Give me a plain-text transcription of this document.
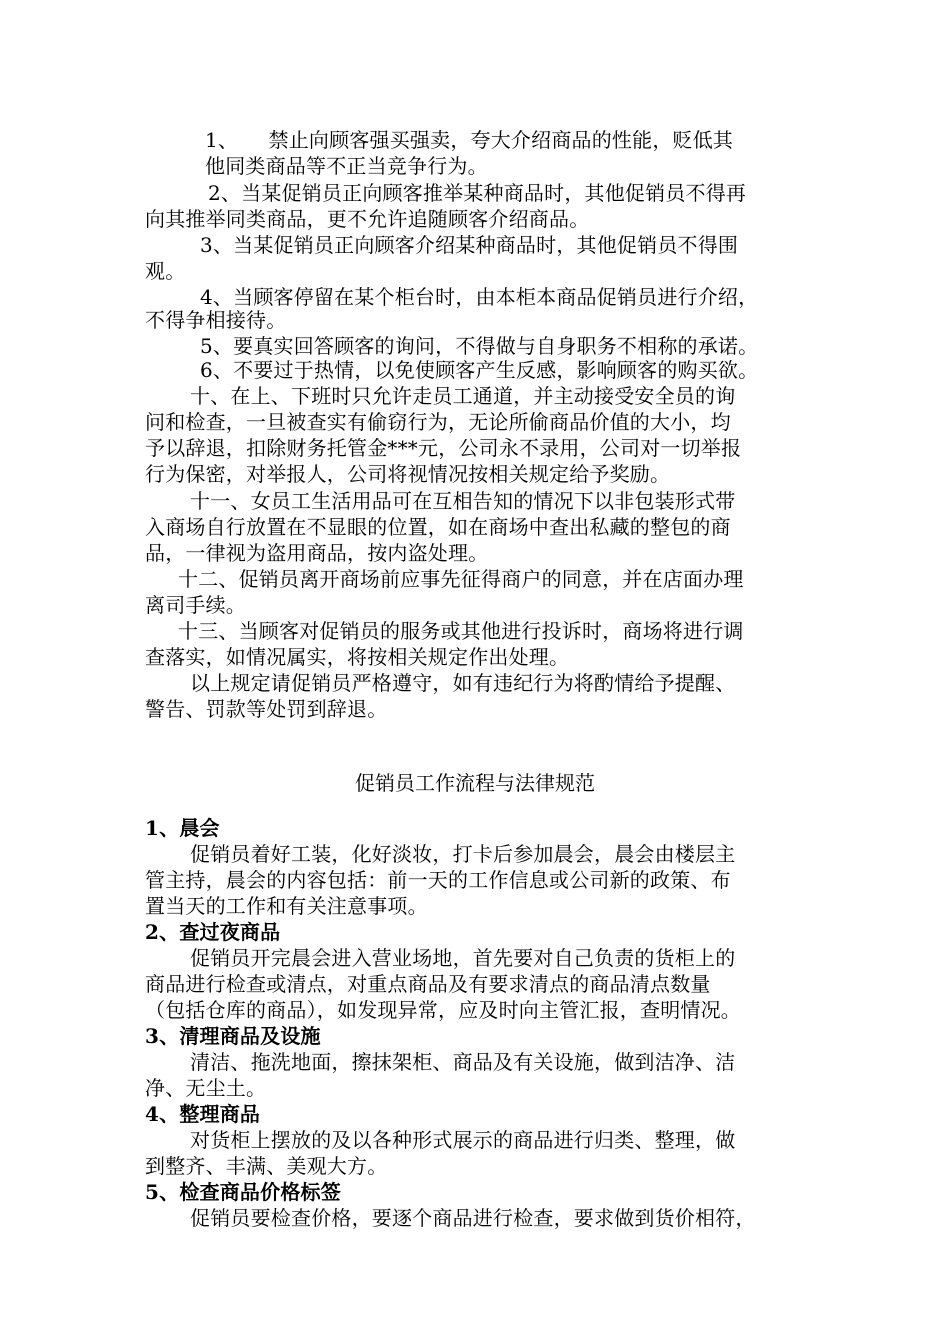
1、　　禁止向顾客强买强卖，夸大介绍商品的性能，贬低其
他同类商品等不正当竞争行为。
2、当某促销员正向顾客推举某种商品时，其他促销员不得再
向其推举同类商品，更不允许追随顾客介绍商品。
3、当某促销员正向顾客介绍某种商品时，其他促销员不得围
观。
4、当顾客停留在某个柜台时，由本柜本商品促销员进行介绍，
不得争相接待。
5、要真实回答顾客的询问，不得做与自身职务不相称的承诺。
6、不要过于热情，以免使顾客产生反感，影响顾客的购买欲。
十、在上、下班时只允许走员工通道，并主动接受安全员的询
问和检查，一旦被查实有偷窃行为，无论所偷商品价值的大小，均
予以辞退，扣除财务托管金***元，公司永不录用，公司对一切举报
行为保密，对举报人，公司将视情况按相关规定给予奖励。
十一、女员工生活用品可在互相告知的情况下以非包装形式带
入商场自行放置在不显眼的位置，如在商场中查出私藏的整包的商
品，一律视为盗用商品，按内盗处理。
十二、促销员离开商场前应事先征得商户的同意，并在店面办理
离司手续。
十三、当顾客对促销员的服务或其他进行投诉时，商场将进行调
查落实，如情况属实，将按相关规定作出处理。
以上规定请促销员严格遵守，如有违纪行为将酌情给予提醒、
警告、罚款等处罚到辞退。
促销员工作流程与法律规范
1、晨会
促销员着好工装，化好淡妆，打卡后参加晨会，晨会由楼层主
管主持，晨会的内容包括：前一天的工作信息或公司新的政策、布
置当天的工作和有关注意事项。
2、查过夜商品
促销员开完晨会进入营业场地，首先要对自己负责的货柜上的
商品进行检查或清点，对重点商品及有要求清点的商品清点数量
（包括仓库的商品），如发现异常，应及时向主管汇报，查明情况。
3、清理商品及设施
清洁、拖洗地面，擦抹架柜、商品及有关设施，做到洁净、洁
净、无尘土。
4、整理商品
对货柜上摆放的及以各种形式展示的商品进行归类、整理，做
到整齐、丰满、美观大方。
5、检查商品价格标签
促销员要检查价格，要逐个商品进行检查，要求做到货价相符，
